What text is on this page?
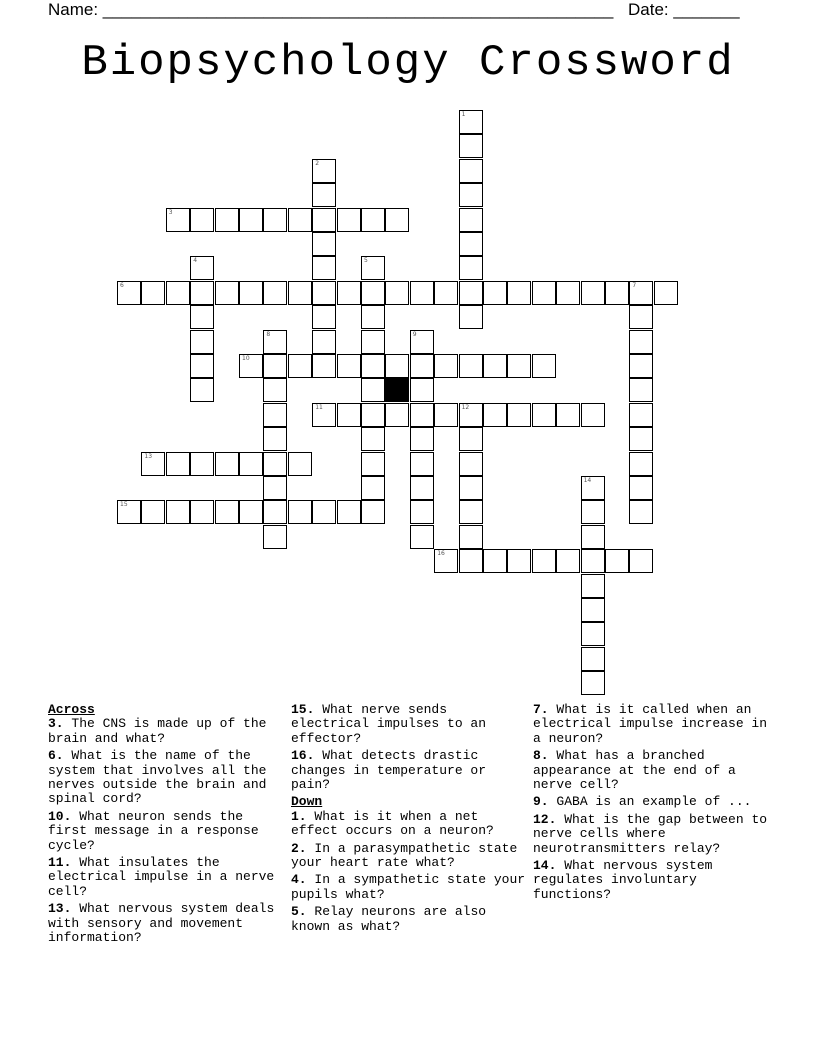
Name: ______________________________________________________ Date: _______
Biopsychology Crossword
1
2
3
4	5
6	7
8	9
10
11	12
13
14
15
16
Across
3. The CNS is made up of the brain and what?
6. What is the name of the system that involves all the nerves outside the brain and spinal cord?
10. What neuron sends the first message in a response cycle?
11. What insulates the electrical impulse in a nerve cell?
13. What nervous system deals with sensory and movement information?
15. What nerve sends electrical impulses to an effector?
16. What detects drastic changes in temperature or pain?
Down
1. What is it when a net effect occurs on a neuron?
2. In a parasympathetic state your heart rate what?
4. In a sympathetic state your pupils what?
5. Relay neurons are also known as what?
7. What is it called when an electrical impulse increase in a neuron?
8. What has a branched appearance at the end of a nerve cell?
9. GABA is an example of ...
12. What is the gap between to nerve cells where neurotransmitters relay?
14. What nervous system regulates involuntary functions?
